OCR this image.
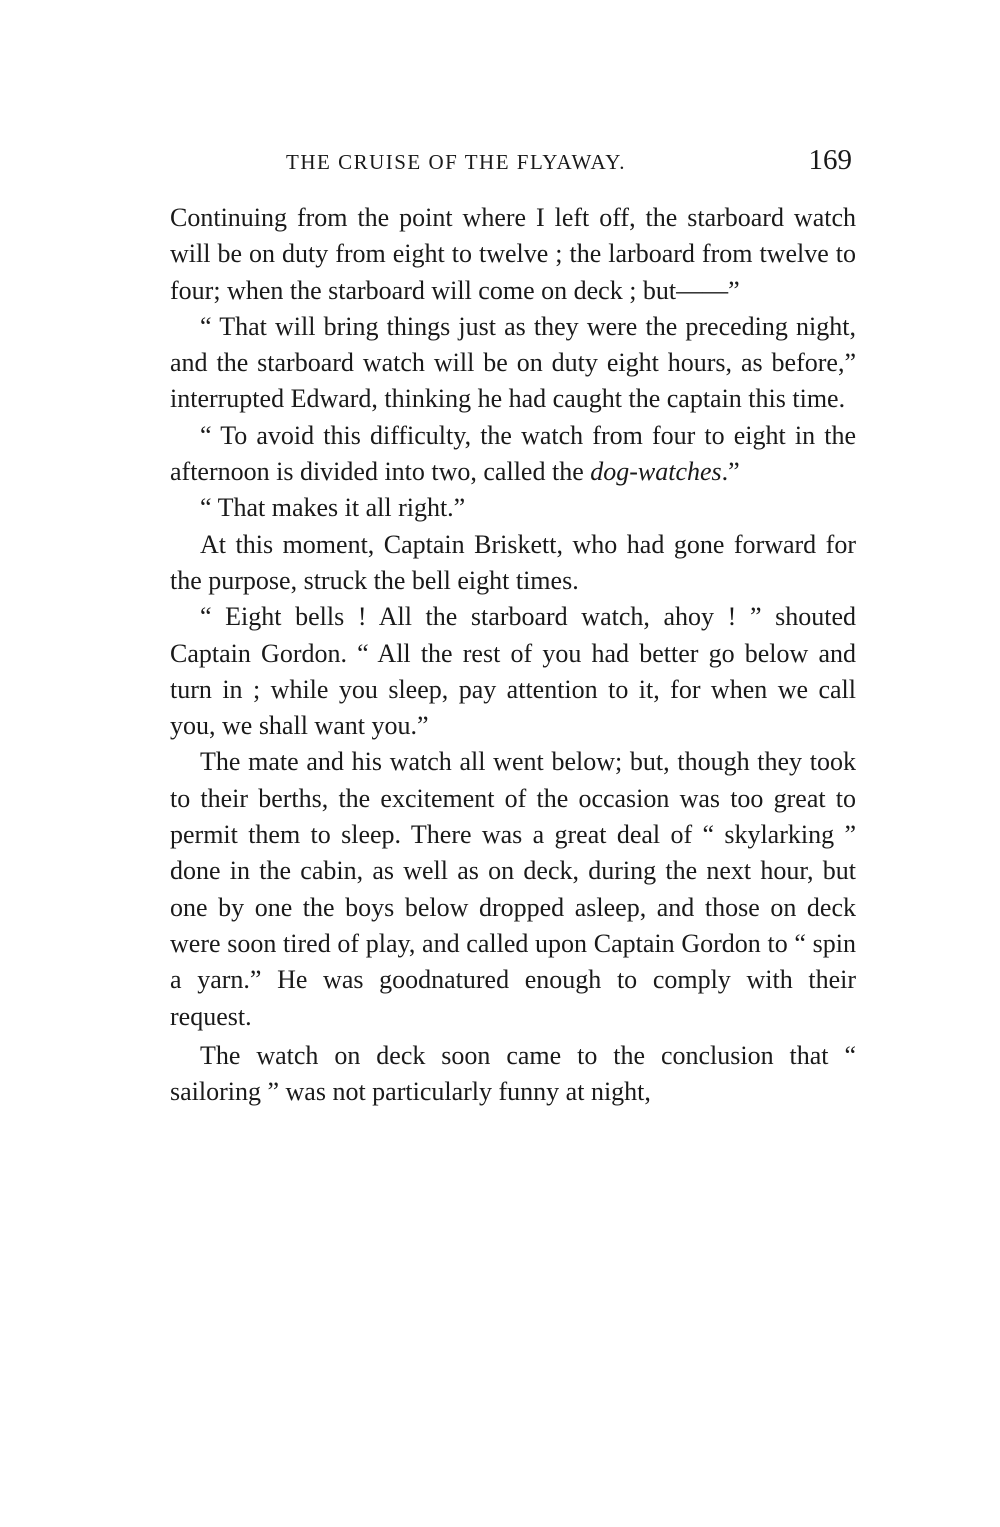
THE CRUISE OF THE FLYAWAY.	169

Continuing from the point where I left off, the starboard watch will be on duty from eight to twelve ; the larboard from twelve to four; when the starboard will come on deck ; but——”

“ That will bring things just as they were the preceding night, and the starboard watch will be on duty eight hours, as before,” interrupted Edward, thinking he had caught the captain this time.

“ To avoid this difficulty, the watch from four to eight in the afternoon is divided into two, called the dog-watches.”

“ That makes it all right.”

At this moment, Captain Briskett, who had gone forward for the purpose, struck the bell eight times.

“ Eight bells ! All the starboard watch, ahoy ! ” shouted Captain Gordon. “ All the rest of you had better go below and turn in ; while you sleep, pay attention to it, for when we call you, we shall want you.”

The mate and his watch all went below; but, though they took to their berths, the excitement of the occasion was too great to permit them to sleep. There was a great deal of “ skylarking ” done in the cabin, as well as on deck, during the next hour, but one by one the boys below dropped asleep, and those on deck were soon tired of play, and called upon Captain Gordon to “ spin a yarn.” He was goodnatured enough to comply with their request.

The watch on deck soon came to the conclusion that “ sailoring ” was not particularly funny at night,
